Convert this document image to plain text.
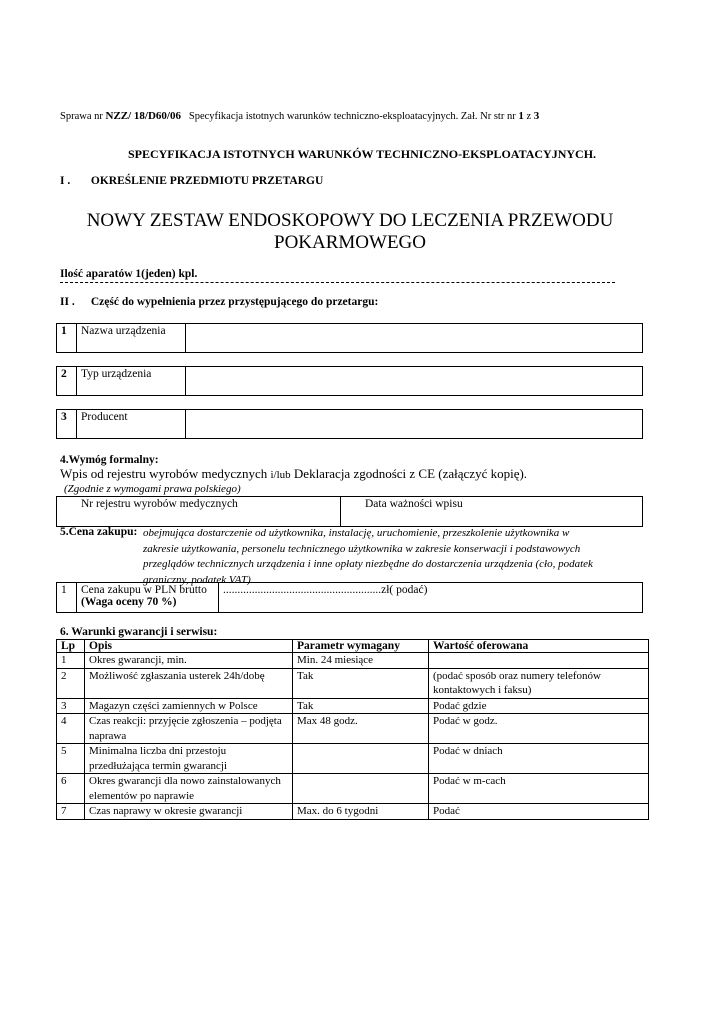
Sprawa nr NZZ/ 18/D60/06 Specyfikacja istotnych warunków techniczno-eksploatacyjnych. Zał. Nr str nr 1 z 3
SPECYFIKACJA ISTOTNYCH WARUNKÓW TECHNICZNO-EKSPLOATACYJNYCH.
I . OKREŚLENIE PRZEDMIOTU PRZETARGU
NOWY ZESTAW ENDOSKOPOWY DO LECZENIA PRZEWODU POKARMOWEGO
Ilość aparatów 1(jeden) kpl.
II . Część do wypełnienia przez przystępującego do przetargu:
1	Nazwa urządzenia	
2	Typ urządzenia	
3	Producent	
4.Wymóg formalny:
Wpis od rejestru wyrobów medycznych i/lub Deklaracja zgodności z CE (załączyć kopię).
(Zgodnie z wymogami prawa polskiego)
Nr rejestru wyrobów medycznych	Data ważności wpisu
5.Cena zakupu: obejmująca dostarczenie od użytkownika, instalację, uruchomienie, przeszkolenie użytkownika w
zakresie użytkowania, personelu technicznego użytkownika w zakresie konserwacji i podstawowych przeglądów technicznych urządzenia i inne opłaty niezbędne do dostarczenia urządzenia (cło, podatek graniczny, podatek VAT)
1	Cena zakupu w PLN brutto
(Waga oceny 70 %)
	.......................................................zł( podać)
6. Warunki gwarancji i serwisu:
Lp	Opis	Parametr wymagany	Wartość oferowana
1	Okres gwarancji, min.	Min. 24 miesiące	
2	Możliwość zgłaszania usterek 24h/dobę	Tak	(podać sposób oraz numery telefonów kontaktowych i faksu)
3	Magazyn części zamiennych w Polsce	Tak	Podać gdzie
4	Czas reakcji: przyjęcie zgłoszenia – podjęta naprawa	Max 48 godz.	Podać w godz.
5	Minimalna liczba dni przestoju przedłużająca termin gwarancji		Podać w dniach
6	Okres gwarancji dla nowo zainstalowanych elementów po naprawie		Podać w m-cach
7	Czas naprawy w okresie gwarancji	Max. do 6 tygodni	Podać
